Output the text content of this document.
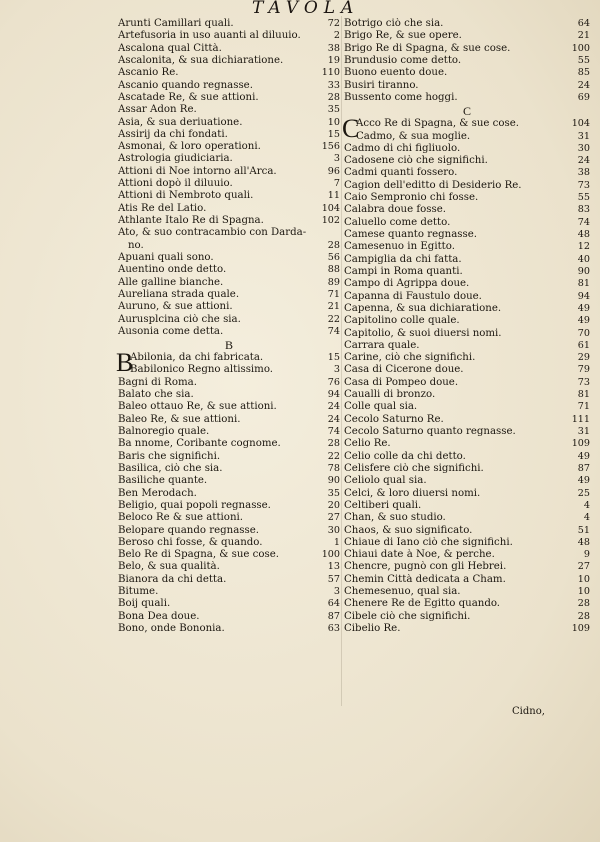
TAVOLA
Arunti Camillari quali.	72
Artefusoria in uso auanti al diluuio.	2
Ascalona qual Città.	38
Ascalonita, & sua dichiaratione.	19
Ascanio Re.	110
Ascanio quando regnasse.	33
Ascatade Re, & sue attioni.	28
Assar Adon Re.	35
Asia, & sua deriuatione.	10
Assirij da chi fondati.	15
Asmonai, & loro operationi.	156
Astrologia giudiciaria.	3
Attioni di Noe intorno all'Arca.	96
Attioni dopò il diluuio.	7
Attioni di Nembroto quali.	11
Atis Re del Latio.	104
Athlante Italo Re di Spagna.	102
Ato, & suo contracambio con Darda-
no.	28
Apuani quali sono.	56
Auentino onde detto.	88
Alle galline bianche.	89
Aureliana strada quale.	71
Auruno, & sue attioni.	21
Aurusplcina ciò che sia.	22
Ausonia come detta.	74
B
Abilonia, da chi fabricata.	15
B
Babilonico Regno altissimo.	3
Bagni di Roma.	76
Balato che sia.	94
Baleo ottauo Re, & sue attioni.	24
Baleo Re, & sue attioni.	24
Balnoregio quale.	74
Ba nnome, Coribante cognome.	28
Baris che significhi.	22
Basilica, ciò che sia.	78
Basiliche quante.	90
Ben Merodach.	35
Beligio, quai popoli regnasse.	20
Beloco Re & sue attioni.	27
Belopare quando regnasse.	30
Beroso chi fosse, & quando.	1
Belo Re di Spagna, & sue cose.	100
Belo, & sua qualità.	13
Bianora da chi detta.	57
Bitume.	3
Boij quali.	64
Bona Dea doue.	87
Bono, onde Bononia.	63
Botrigo ciò che sia.	64
Brigo Re, & sue opere.	21
Brigo Re di Spagna, & sue cose.	100
Brundusio come detto.	55
Buono euento doue.	85
Busiri tiranno.	24
Bussento come hoggi.	69
C
Acco Re di Spagna, & sue cose.	104
C
Cadmo, & sua moglie.	31
Cadmo di chi figliuolo.	30
Cadosene ciò che significhi.	24
Cadmi quanti fossero.	38
Cagion dell'editto di Desiderio Re.	73
Caio Sempronio chi fosse.	55
Calabra doue fosse.	83
Caluello come detto.	74
Camese quanto regnasse.	48
Camesenuo in Egitto.	12
Campiglia da chi fatta.	40
Campi in Roma quanti.	90
Campo di Agrippa doue.	81
Capanna di Faustulo doue.	94
Capenna, & sua dichiaratione.	49
Capitolino colle quale.	49
Capitolio, & suoi diuersi nomi.	70
Carrara quale.	61
Carine, ciò che significhi.	29
Casa di Cicerone doue.	79
Casa di Pompeo doue.	73
Caualli di bronzo.	81
Colle qual sia.	71
Cecolo Saturno Re.	111
Cecolo Saturno quanto regnasse.	31
Celio Re.	109
Celio colle da chi detto.	49
Celisfere ciò che significhi.	87
Celiolo qual sia.	49
Celci, & loro diuersi nomi.	25
Celtiberi quali.	4
Chan, & suo studio.	4
Chaos, & suo significato.	51
Chiaue di Iano ciò che significhi.	48
Chiaui date à Noe, & perche.	9
Chencre, pugnò con gli Hebrei.	27
Chemin Città dedicata a Cham.	10
Chemesenuo, qual sia.	10
Chenere Re de Egitto quando.	28
Cibele ciò che significhi.	28
Cibelio Re.	109
Cidno,
